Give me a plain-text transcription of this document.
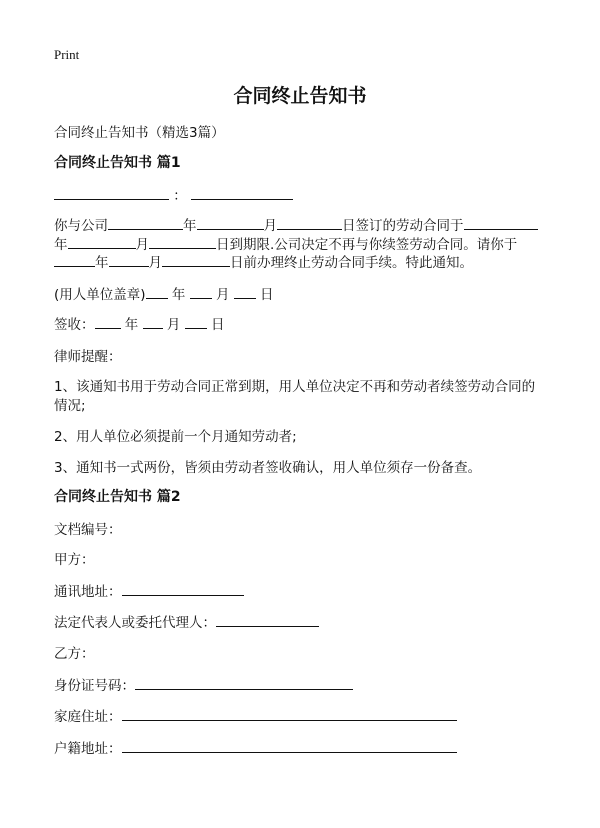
Print
合同终止告知书
合同终止告知书（精选3篇）
合同终止告知书 篇1
：
你与公司	年	月	日签订的劳动合同于
年	月	日到期限.公司决定不再与你续签劳动合同。请你于
年	月	日前办理终止劳动合同手续。特此通知。
(用人单位盖章) 年 月 日
签收： 年 月 日
律师提醒：
1、该通知书用于劳动合同正常到期，用人单位决定不再和劳动者续签劳动合同的
情况;
2、用人单位必须提前一个月通知劳动者;
3、通知书一式两份，皆须由劳动者签收确认，用人单位须存一份备查。
合同终止告知书 篇2
文档编号：
甲方：
通讯地址：
法定代表人或委托代理人：
乙方：
身份证号码：
家庭住址：
户籍地址：
